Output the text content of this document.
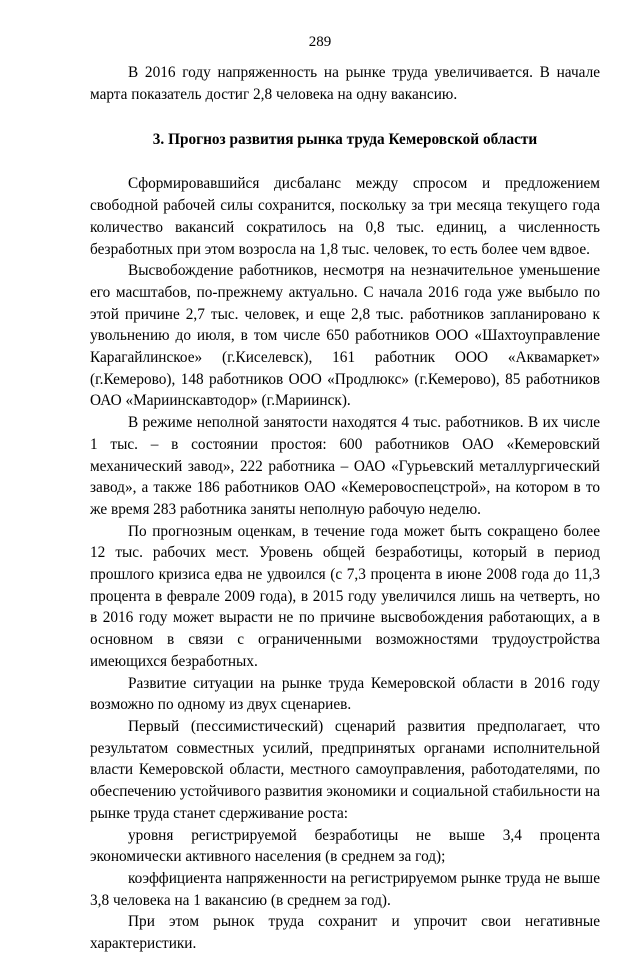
289

В 2016 году напряженность на рынке труда увеличивается. В начале марта показатель достиг 2,8 человека на одну вакансию.

3. Прогноз развития рынка труда Кемеровской области

Сформировавшийся дисбаланс между спросом и предложением свободной рабочей силы сохранится, поскольку за три месяца текущего года количество вакансий сократилось на 0,8 тыс. единиц, а численность безработных при этом возросла на 1,8 тыс. человек, то есть более чем вдвое.

Высвобождение работников, несмотря на незначительное уменьшение его масштабов, по-прежнему актуально. С начала 2016 года уже выбыло по этой причине 2,7 тыс. человек, и еще 2,8 тыс. работников запланировано к увольнению до июля, в том числе 650 работников ООО «Шахтоуправление Карагайлинское» (г.Киселевск), 161 работник ООО «Аквамаркет» (г.Кемерово), 148 работников ООО «Продлюкс» (г.Кемерово), 85 работников ОАО «Мариинскавтодор» (г.Мариинск).

В режиме неполной занятости находятся 4 тыс. работников. В их числе 1 тыс. – в состоянии простоя: 600 работников ОАО «Кемеровский механический завод», 222 работника – ОАО «Гурьевский металлургический завод», а также 186 работников ОАО «Кемеровоспецстрой», на котором в то же время 283 работника заняты неполную рабочую неделю.

По прогнозным оценкам, в течение года может быть сокращено более 12 тыс. рабочих мест. Уровень общей безработицы, который в период прошлого кризиса едва не удвоился (с 7,3 процента в июне 2008 года до 11,3 процента в феврале 2009 года), в 2015 году увеличился лишь на четверть, но в 2016 году может вырасти не по причине высвобождения работающих, а в основном в связи с ограниченными возможностями трудоустройства имеющихся безработных.

Развитие ситуации на рынке труда Кемеровской области в 2016 году возможно по одному из двух сценариев.

Первый (пессимистический) сценарий развития предполагает, что результатом совместных усилий, предпринятых органами исполнительной власти Кемеровской области, местного самоуправления, работодателями, по обеспечению устойчивого развития экономики и социальной стабильности на рынке труда станет сдерживание роста:

уровня регистрируемой безработицы не выше 3,4 процента экономически активного населения (в среднем за год);

коэффициента напряженности на регистрируемом рынке труда не выше 3,8 человека на 1 вакансию (в среднем за год).

При этом рынок труда сохранит и упрочит свои негативные характеристики.
